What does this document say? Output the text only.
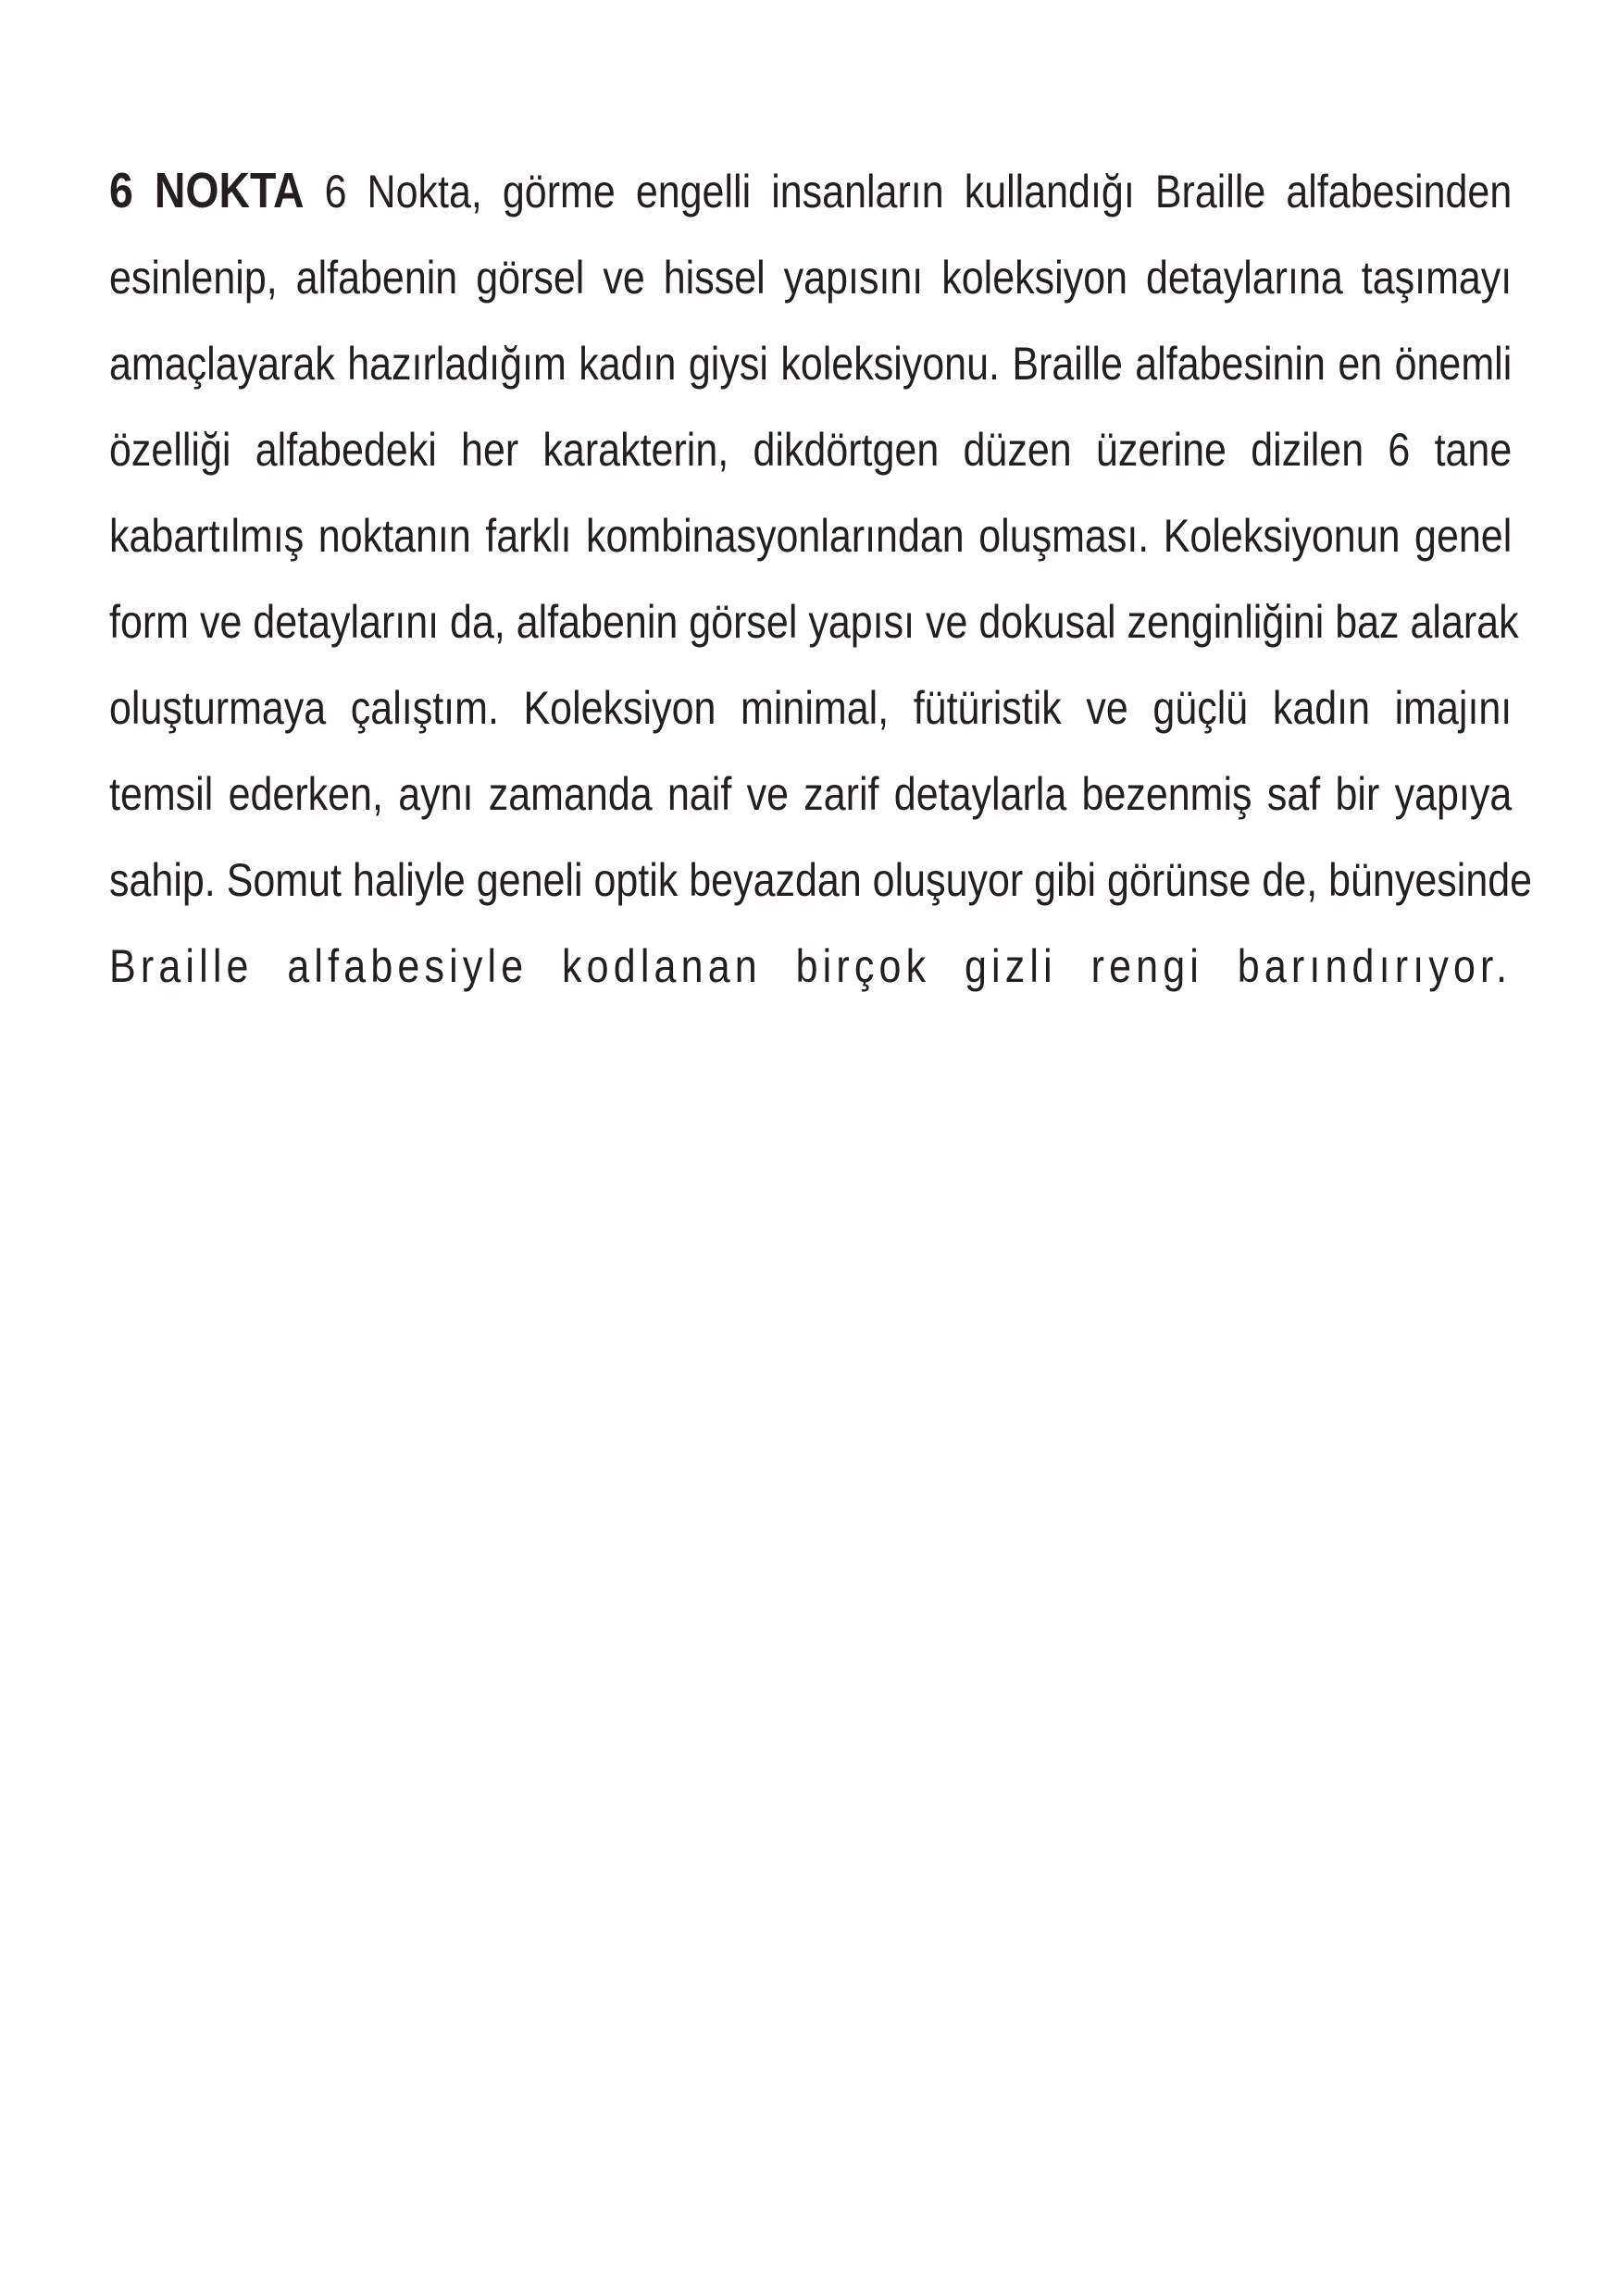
6 NOKTA 6 Nokta, görme engelli insanların kullandığı Braille alfabesinden
esinlenip, alfabenin görsel ve hissel yapısını koleksiyon detaylarına taşımayı
amaçlayarak hazırladığım kadın giysi koleksiyonu. Braille alfabesinin en önemli
özelliği alfabedeki her karakterin, dikdörtgen düzen üzerine dizilen 6 tane
kabartılmış noktanın farklı kombinasyonlarından oluşması. Koleksiyonun genel
form ve detaylarını da, alfabenin görsel yapısı ve dokusal zenginliğini baz alarak
oluşturmaya çalıştım. Koleksiyon minimal, fütüristik ve güçlü kadın imajını
temsil ederken, aynı zamanda naif ve zarif detaylarla bezenmiş saf bir yapıya
sahip. Somut haliyle geneli optik beyazdan oluşuyor gibi görünse de, bünyesinde
Braille alfabesiyle kodlanan birçok gizli rengi barındırıyor.
